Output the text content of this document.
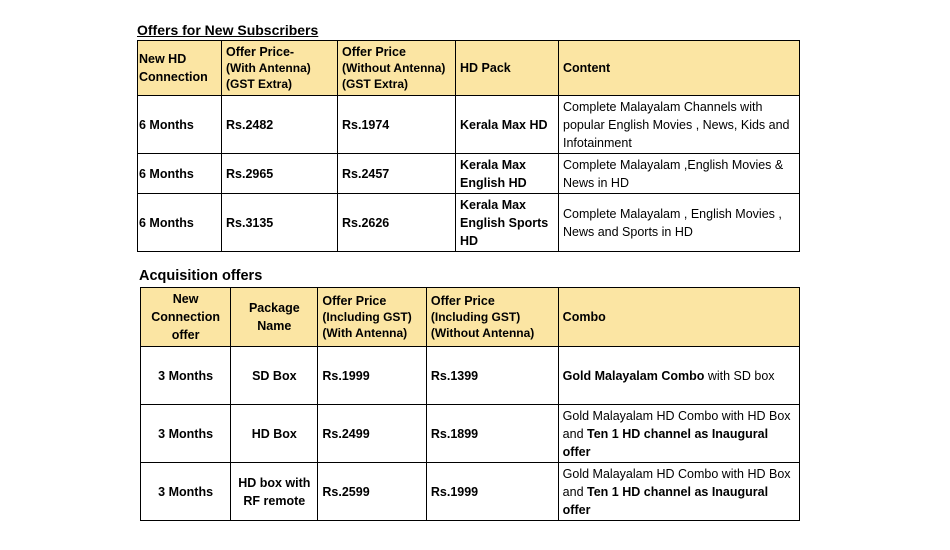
Offers for New Subscribers
New HD
Connection	Offer Price-
(With Antenna)
(GST Extra)	Offer Price
(Without Antenna)
(GST Extra)	HD Pack	Content
6 Months	Rs.2482	Rs.1974	Kerala Max HD	Complete Malayalam Channels with popular English Movies , News, Kids and Infotainment
6 Months	Rs.2965	Rs.2457	Kerala Max English HD	Complete Malayalam ,English Movies & News in HD
6 Months	Rs.3135	Rs.2626	Kerala Max English Sports HD	Complete Malayalam , English Movies , News and Sports in HD
Acquisition offers
New
Connection
offer	Package
Name	Offer Price
(Including GST)
(With Antenna)	Offer Price
(Including GST)
(Without Antenna)	Combo
3 Months	SD Box	Rs.1999	Rs.1399	Gold Malayalam Combo with SD box
3 Months	HD Box	Rs.2499	Rs.1899	Gold Malayalam HD Combo with HD Box and Ten 1 HD channel as Inaugural offer
3 Months	HD box with RF remote	Rs.2599	Rs.1999	Gold Malayalam HD Combo with HD Box and Ten 1 HD channel as Inaugural offer
